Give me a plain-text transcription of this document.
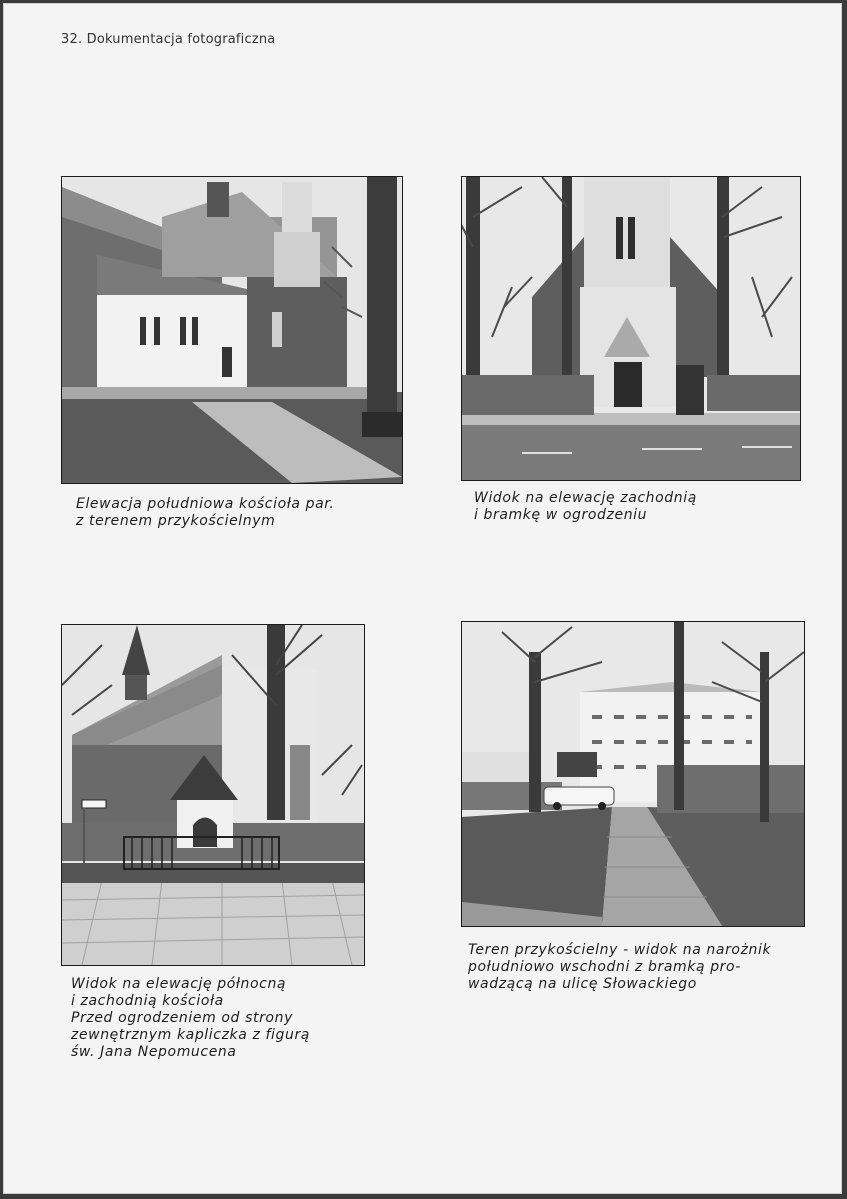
32. Dokumentacja fotograficzna
Elewacja południowa kościoła par.
z terenem przykościelnym
Widok na elewację zachodnią
i bramkę w ogrodzeniu
Widok na elewację północną
i zachodnią kościoła
Przed ogrodzeniem od strony
zewnętrznym kapliczka z figurą
św. Jana Nepomucena
Teren przykościelny - widok na narożnik
południowo wschodni z bramką pro-
wadzącą na ulicę Słowackiego
